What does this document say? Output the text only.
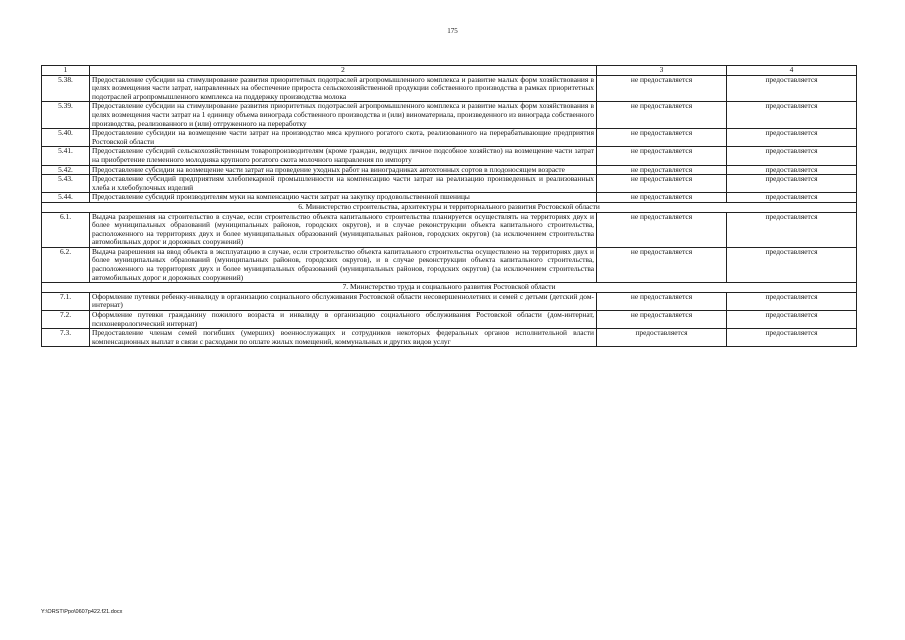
175
1	2	3	4
5.38.	Предоставление субсидии на стимулирование развития приоритетных подотраслей агропромышленного комплекса и развитие малых форм хозяйствования в целях возмещения части затрат, направленных на обеспечение прироста сельскохозяйственной продукции собственного производства в рамках приоритетных подотраслей агропромышленного комплекса на поддержку производства молока	не предоставляется	предоставляется
5.39.	Предоставление субсидии на стимулирование развития приоритетных подотраслей агропромышленного комплекса и развитие малых форм хозяйствования в целях возмещения части затрат на 1 единицу объема винограда собственного производства и (или) виноматериала, произведенного из винограда собственного производства, реализованного и (или) отгруженного на переработку	не предоставляется	предоставляется
5.40.	Предоставление субсидии на возмещение части затрат на производство мяса крупного рогатого скота, реализованного на перерабатывающие предприятия Ростовской области	не предоставляется	предоставляется
5.41.	Предоставление субсидий сельскохозяйственным товаропроизводителям (кроме граждан, ведущих личное подсобное хозяйство) на возмещение части затрат на приобретение племенного молодняка крупного рогатого скота молочного направления по импорту	не предоставляется	предоставляется
5.42.	Предоставление субсидии на возмещение части затрат на проведение уходных работ на виноградниках автохтонных сортов в плодоносящем возрасте	не предоставляется	предоставляется
5.43.	Предоставление субсидий предприятиям хлебопекарной промышленности на компенсацию части затрат на реализацию произведенных и реализованных хлеба и хлебобулочных изделий	не предоставляется	предоставляется
5.44.	Предоставление субсидий производителям муки на компенсацию части затрат на закупку продовольственной пшеницы	не предоставляется	предоставляется
6. Министерство строительства, архитектуры и территориального развития Ростовской области			
6.1.	Выдача разрешения на строительство в случае, если строительство объекта капитального строительства планируется осуществлять на территориях двух и более муниципальных образований (муниципальных районов, городских округов), и в случае реконструкции объекта капитального строительства, расположенного на территориях двух и более муниципальных образований (муниципальных районов, городских округов) (за исключением строительства автомобильных дорог и дорожных сооружений)	не предоставляется	предоставляется
6.2.	Выдача разрешения на ввод объекта в эксплуатацию в случае, если строительство объекта капитального строительства осуществлено на территориях двух и более муниципальных образований (муниципальных районов, городских округов), и в случае реконструкции объекта капитального строительства, расположенного на территориях двух и более муниципальных образований (муниципальных районов, городских округов) (за исключением строительства автомобильных дорог и дорожных сооружений)	не предоставляется	предоставляется
7. Министерство труда и социального развития Ростовской области			
7.1.	Оформление путевки ребенку-инвалиду в организацию социального обслуживания Ростовской области несовершеннолетних и семей с детьми (детский дом-интернат)	не предоставляется	предоставляется
7.2.	Оформление путевки гражданину пожилого возраста и инвалиду в организацию социального обслуживания Ростовской области (дом-интернат, психоневрологический интернат)	не предоставляется	предоставляется
7.3.	Предоставление членам семей погибших (умерших) военнослужащих и сотрудников некоторых федеральных органов исполнительной власти компенсационных выплат в связи с расходами по оплате жилых помещений, коммунальных и других видов услуг	предоставляется	предоставляется
Y:\ORST\Ppo\0607p422.f21.docx
